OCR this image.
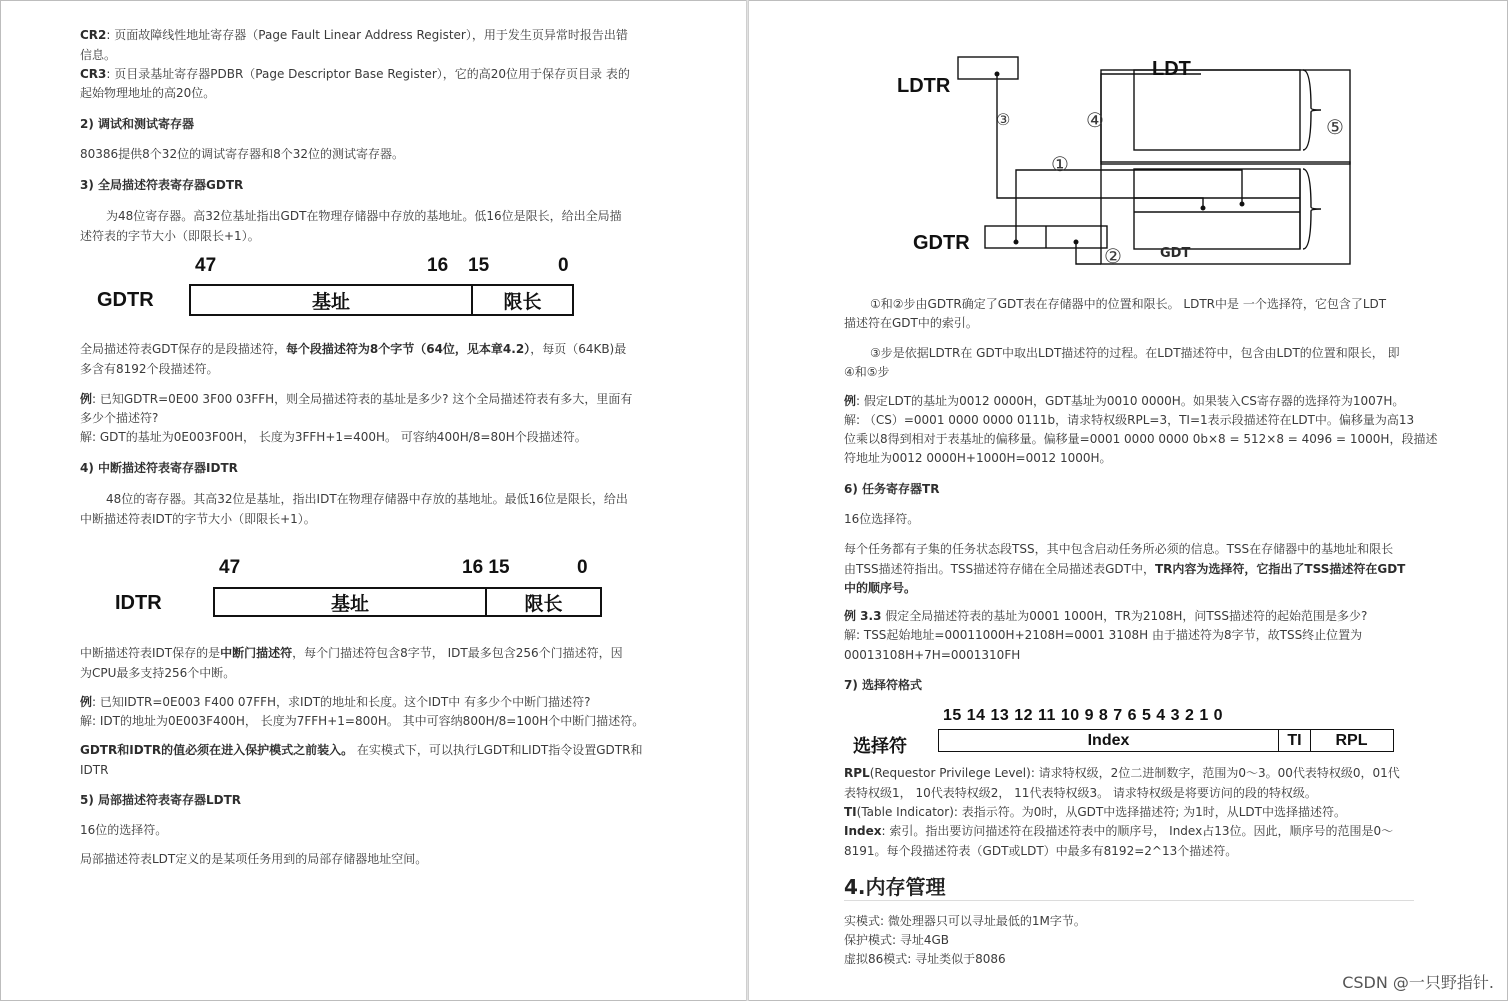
CR2: 页面故障线性地址寄存器（Page Fault Linear Address Register），用于发生页异常时报告出错
信息。
CR3: 页目录基址寄存器PDBR（Page Descriptor Base Register），它的高20位用于保存页目录 表的
起始物理地址的高20位。
2) 调试和测试寄存器
80386提供8个32位的调试寄存器和8个32位的测试寄存器。
3) 全局描述符表寄存器GDTR
为48位寄存器。高32位基址指出GDT在物理存储器中存放的基地址。低16位是限长，给出全局描
述符表的字节大小（即限长+1）。
47	16 15	0
GDTR	基址	限长
全局描述符表GDT保存的是段描述符，每个段描述符为8个字节（64位，见本章4.2），每页（64KB)最
多含有8192个段描述符。
例: 已知GDTR=0E00 3F00 03FFH，则全局描述符表的基址是多少? 这个全局描述符表有多大，里面有
多少个描述符?
解: GDT的基址为0E003F00H， 长度为3FFH+1=400H。 可容纳400H/8=80H个段描述符。
4) 中断描述符表寄存器IDTR
48位的寄存器。其高32位是基址，指出IDT在物理存储器中存放的基地址。最低16位是限长，给出
中断描述符表IDT的字节大小（即限长+1）。
47	16 15	0
IDTR	基址	限长
中断描述符表IDT保存的是中断门描述符，每个门描述符包含8字节， IDT最多包含256个门描述符，因
为CPU最多支持256个中断。
例: 已知IDTR=0E003 F400 07FFH，求IDT的地址和长度。这个IDT中 有多少个中断门描述符?
解: IDT的地址为0E003F400H， 长度为7FFH+1=800H。 其中可容纳800H/8=100H个中断门描述符。
GDTR和IDTR的值必须在进入保护模式之前装入。 在实模式下，可以执行LGDT和LIDT指令设置GDTR和
IDTR
5) 局部描述符表寄存器LDTR
16位的选择符。
局部描述符表LDT定义的是某项任务用到的局部存储器地址空间。
LDTR
LDT
GDTR	GDT
③	④	⑤
①
②
①和②步由GDTR确定了GDT表在存储器中的位置和限长。 LDTR中是 一个选择符，它包含了LDT
描述符在GDT中的索引。
③步是依据LDTR在 GDT中取出LDT描述符的过程。在LDT描述符中，包含由LDT的位置和限长， 即
④和⑤步
例: 假定LDT的基址为0012 0000H，GDT基址为0010 0000H。如果装入CS寄存器的选择符为1007H。
解: （CS）=0001 0000 0000 0111b，请求特权级RPL=3，TI=1表示段描述符在LDT中。偏移量为高13
位乘以8得到相对于表基址的偏移量。偏移量=0001 0000 0000 0b×8 = 512×8 = 4096 = 1000H，段描述
符地址为0012 0000H+1000H=0012 1000H。
6) 任务寄存器TR
16位选择符。
每个任务都有子集的任务状态段TSS，其中包含启动任务所必须的信息。TSS在存储器中的基地址和限长
由TSS描述符指出。TSS描述符存储在全局描述表GDT中，TR内容为选择符，它指出了TSS描述符在GDT
中的顺序号。
例 3.3 假定全局描述符表的基址为0001 1000H，TR为2108H，问TSS描述符的起始范围是多少?
解: TSS起始地址=00011000H+2108H=0001 3108H 由于描述符为8字节，故TSS终止位置为
00013108H+7H=0001310FH
7) 选择符格式
15 14 13 12 11 10 9 8 7 6 5 4 3 2 1 0
选择符	Index	TI	RPL
RPL(Requestor Privilege Level): 请求特权级，2位二进制数字，范围为0～3。00代表特权级0，01代
表特权级1， 10代表特权级2， 11代表特权级3。 请求特权级是将要访问的段的特权级。
TI(Table Indicator): 表指示符。为0时，从GDT中选择描述符; 为1时，从LDT中选择描述符。
Index: 索引。指出要访问描述符在段描述符表中的顺序号， Index占13位。因此，顺序号的范围是0～
8191。每个段描述符表（GDT或LDT）中最多有8192=2^13个描述符。
4.内存管理
实模式: 微处理器只可以寻址最低的1M字节。
保护模式: 寻址4GB
虚拟86模式: 寻址类似于8086
CSDN @一只野指针.
